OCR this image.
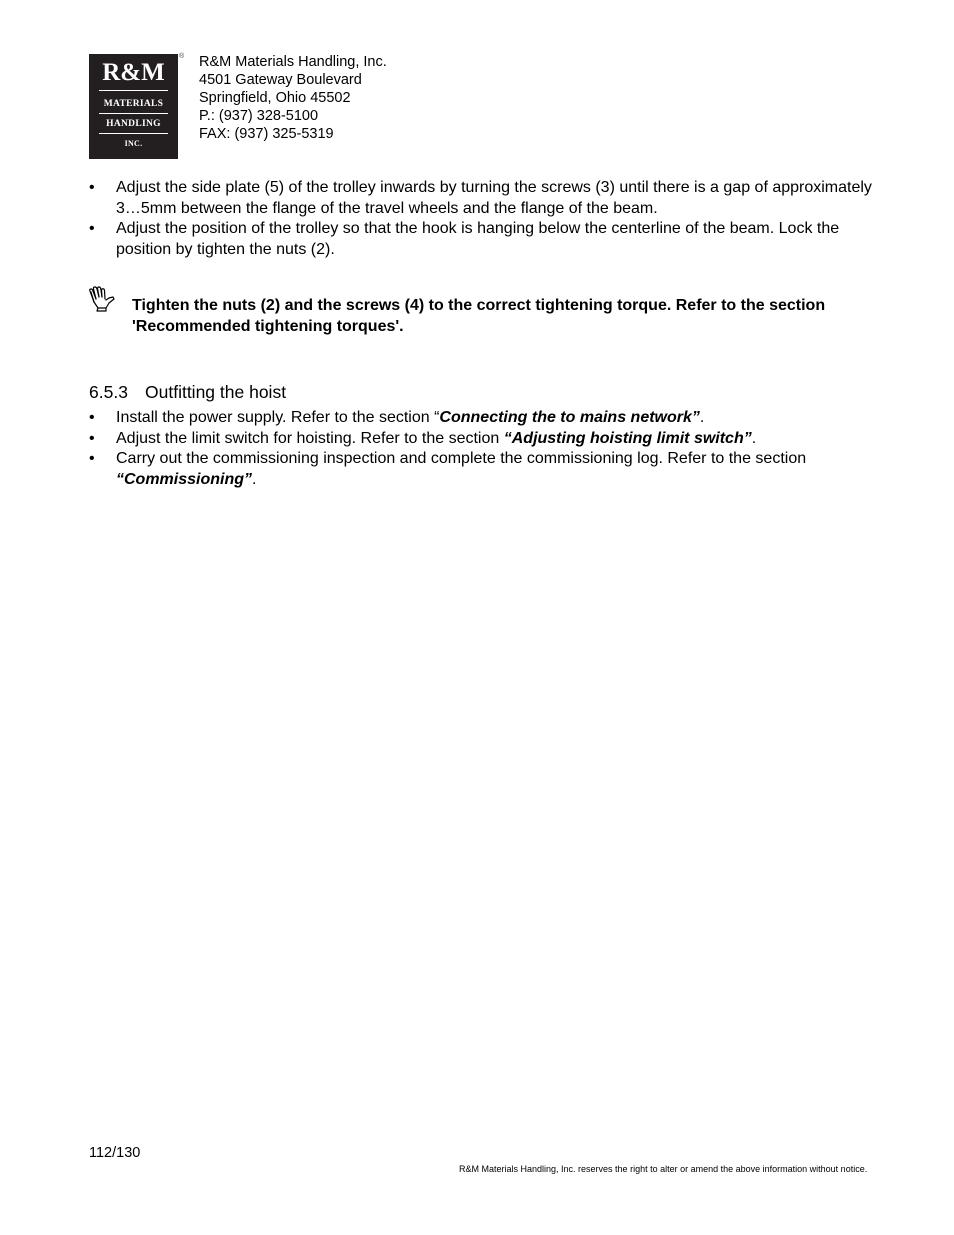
R&M
MATERIALS
HANDLING
INC.
® R&M Materials Handling, Inc.
4501 Gateway Boulevard
Springfield, Ohio 45502
P.: (937) 328-5100
FAX: (937) 325-5319
• Adjust the side plate (5) of the trolley inwards by turning the screws (3) until there is a gap of approximately 3…5mm between the flange of the travel wheels and the flange of the beam.
• Adjust the position of the trolley so that the hook is hanging below the centerline of the beam. Lock the position by tighten the nuts (2).
Tighten the nuts (2) and the screws (4) to the correct tightening torque. Refer to the section 'Recommended tightening torques'.
6.5.3 Outfitting the hoist
• Install the power supply. Refer to the section “Connecting the to mains network”.
• Adjust the limit switch for hoisting. Refer to the section “Adjusting hoisting limit switch”.
• Carry out the commissioning inspection and complete the commissioning log. Refer to the section “Commissioning”.
112/130
R&M Materials Handling, Inc. reserves the right to alter or amend the above information without notice.
